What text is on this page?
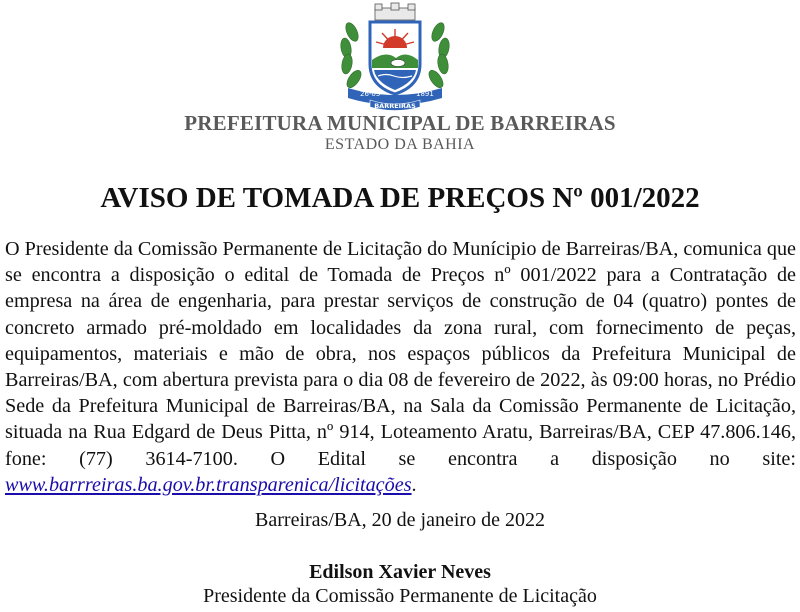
26-05	1891
BARREIRAS
PREFEITURA MUNICIPAL DE BARREIRAS
ESTADO DA BAHIA
AVISO DE TOMADA DE PREÇOS Nº 001/2022
O Presidente da Comissão Permanente de Licitação do Munícipio de Barreiras/BA, comunica que se encontra a disposição o edital de Tomada de Preços nº 001/2022 para a Contratação de empresa na área de engenharia, para prestar serviços de construção de 04 (quatro) pontes de concreto armado pré-moldado em localidades da zona rural, com fornecimento de peças, equipamentos, materiais e mão de obra, nos espaços públicos da Prefeitura Municipal de Barreiras/BA, com abertura prevista para o dia 08 de fevereiro de 2022, às 09:00 horas, no Prédio Sede da Prefeitura Municipal de Barreiras/BA, na Sala da Comissão Permanente de Licitação, situada na Rua Edgard de Deus Pitta, nº 914, Loteamento Aratu, Barreiras/BA, CEP 47.806.146, fone: (77) 3614-7100. O Edital se encontra a disposição no site: www.barrreiras.ba.gov.br.transparenica/licitações.
Barreiras/BA, 20 de janeiro de 2022
Edilson Xavier Neves
Presidente da Comissão Permanente de Licitação
